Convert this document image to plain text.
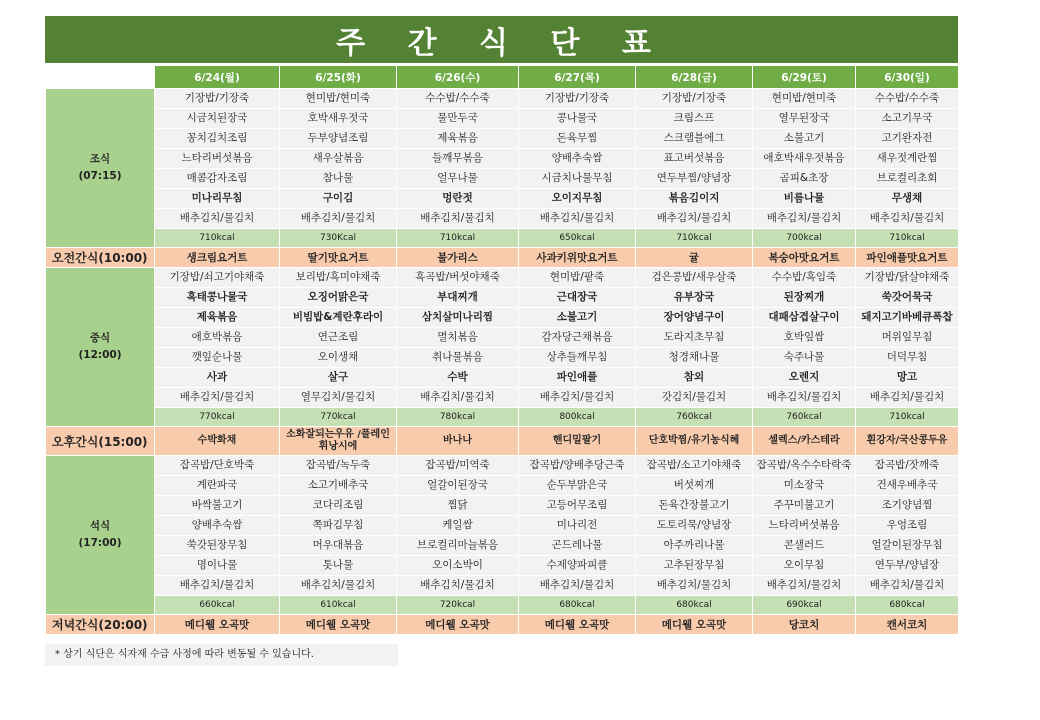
주 간 식 단 표
	6/24(월)	6/25(화)	6/26(수)	6/27(목)	6/28(금)	6/29(토)	6/30(일)

조식
(07:15)	기장밥/기장죽	현미밥/현미죽	수수밥/수수죽	기장밥/기장죽	기장밥/기장죽	현미밥/현미죽	수수밥/수수죽
	시금치된장국	호박새우젓국	물만두국	콩나물국	크림스프	열무된장국	소고기무국
	꽁치김치조림	두부양념조림	제육볶음	돈육무찜	스크램블에그	소불고기	고기완자전
	느타리버섯볶음	새우살볶음	들깨무볶음	양배추숙쌈	표고버섯볶음	애호박새우젓볶음	새우젓계란찜
	매콤감자조림	참나물	얼무나물	시금치나물무침	연두부찜/양념장	곰피&초장	브로컬리초회
	미나리무침	구이김	멍란젓	오이지무침	볶음김이지	비름나물	무생채
	배추김치/물김치	배추김치/물김치	배추김치/물김치	배추김치/물김치	배추김치/물김치	배추김치/물김치	배추김치/물김치
	710kcal	730Kcal	710kcal	650kcal	710kcal	700kcal	710kcal
오전간식(10:00)	생크림요거트	딸기맛요거트	불가리스	사과키위맛요거트	귤	복숭아맛요거트	파인애플맛요거트

중식
(12:00)	기장밥/쇠고기야채죽	보리밥/흑미야채죽	흑곡밥/버섯야채죽	현미밥/팥죽	검은콩밥/새우살죽	수수밥/흑임죽	기장밥/닭살야채죽
	흑태콩나물국	오징어맑은국	부대찌개	근대장국	유부장국	된장찌개	쑥갓어묵국
	제육볶음	비빔밥&계란후라이	삼치살미나리찜	소불고기	장어양념구이	대패삼겹살구이	돼지고기바베큐폭찹
	애호박볶음	연근조림	멸치볶음	감자당근채볶음	도라지초무침	호박잎쌈	머위잎무침
	깻잎순나물	오이생채	취나물볶음	상추들깨무침	청경채나물	숙주나물	더덕무침
	사과	살구	수박	파인애플	참외	오렌지	망고
	배추김치/물김치	열무김치/물김치	배추김치/물김치	배추김치/물김치	갓김치/물김치	배추김치/물김치	배추김치/물김치
	770kcal	770kcal	780kcal	800kcal	760kcal	760kcal	710kcal
오후간식(15:00)	수박화채	소화잘되는우유 /플레인 휘낭시에	바나나	핸디밀팔기	단호박찜/유기농식혜	셀렉스/카스테라	흰강자/국산콩두유

석식
(17:00)	잡곡밥/단호박죽	잡곡밥/녹두죽	잡곡밥/미역죽	잡곡밥/양배추당근죽	잡곡밥/소고기야채죽	잡곡밥/옥수수타락죽	잡곡밥/잣깨죽
	계란파국	소고기배추국	얼갈이된장국	순두부맑은국	버섯찌개	미소장국	건새우배추국
	바싹불고기	코다리조림	찜닭	고등어무조림	돈육간장불고기	주꾸미불고기	조기양념찜
	양배추숙쌈	쪽파김무침	케일쌈	미나리전	도토리묵/양념장	느타리버섯볶음	우엉조림
	쑥갓된장무침	머우대볶음	브로컬리마늘볶음	곤드레나물	아주까리나물	콘샐러드	얼갈이된장무침
	명이나물	톳나물	오이소박이	수제양파피클	고추된장무침	오이무침	연두부/양념장
	배추김치/물김치	배추김치/물김치	배추김치/물김치	배추김치/물김치	배추김치/물김치	배추김치/물김치	배추김치/물김치
	660kcal	610kcal	720kcal	680kcal	680kcal	690kcal	680kcal
저녁간식(20:00)	메디웰 오곡맛	메디웰 오곡맛	메디웰 오곡맛	메디웰 오곡맛	메디웰 오곡맛	당코치	캔서코치
* 상기 식단은 식자재 수급 사정에 따라 변동될 수 있습니다.
